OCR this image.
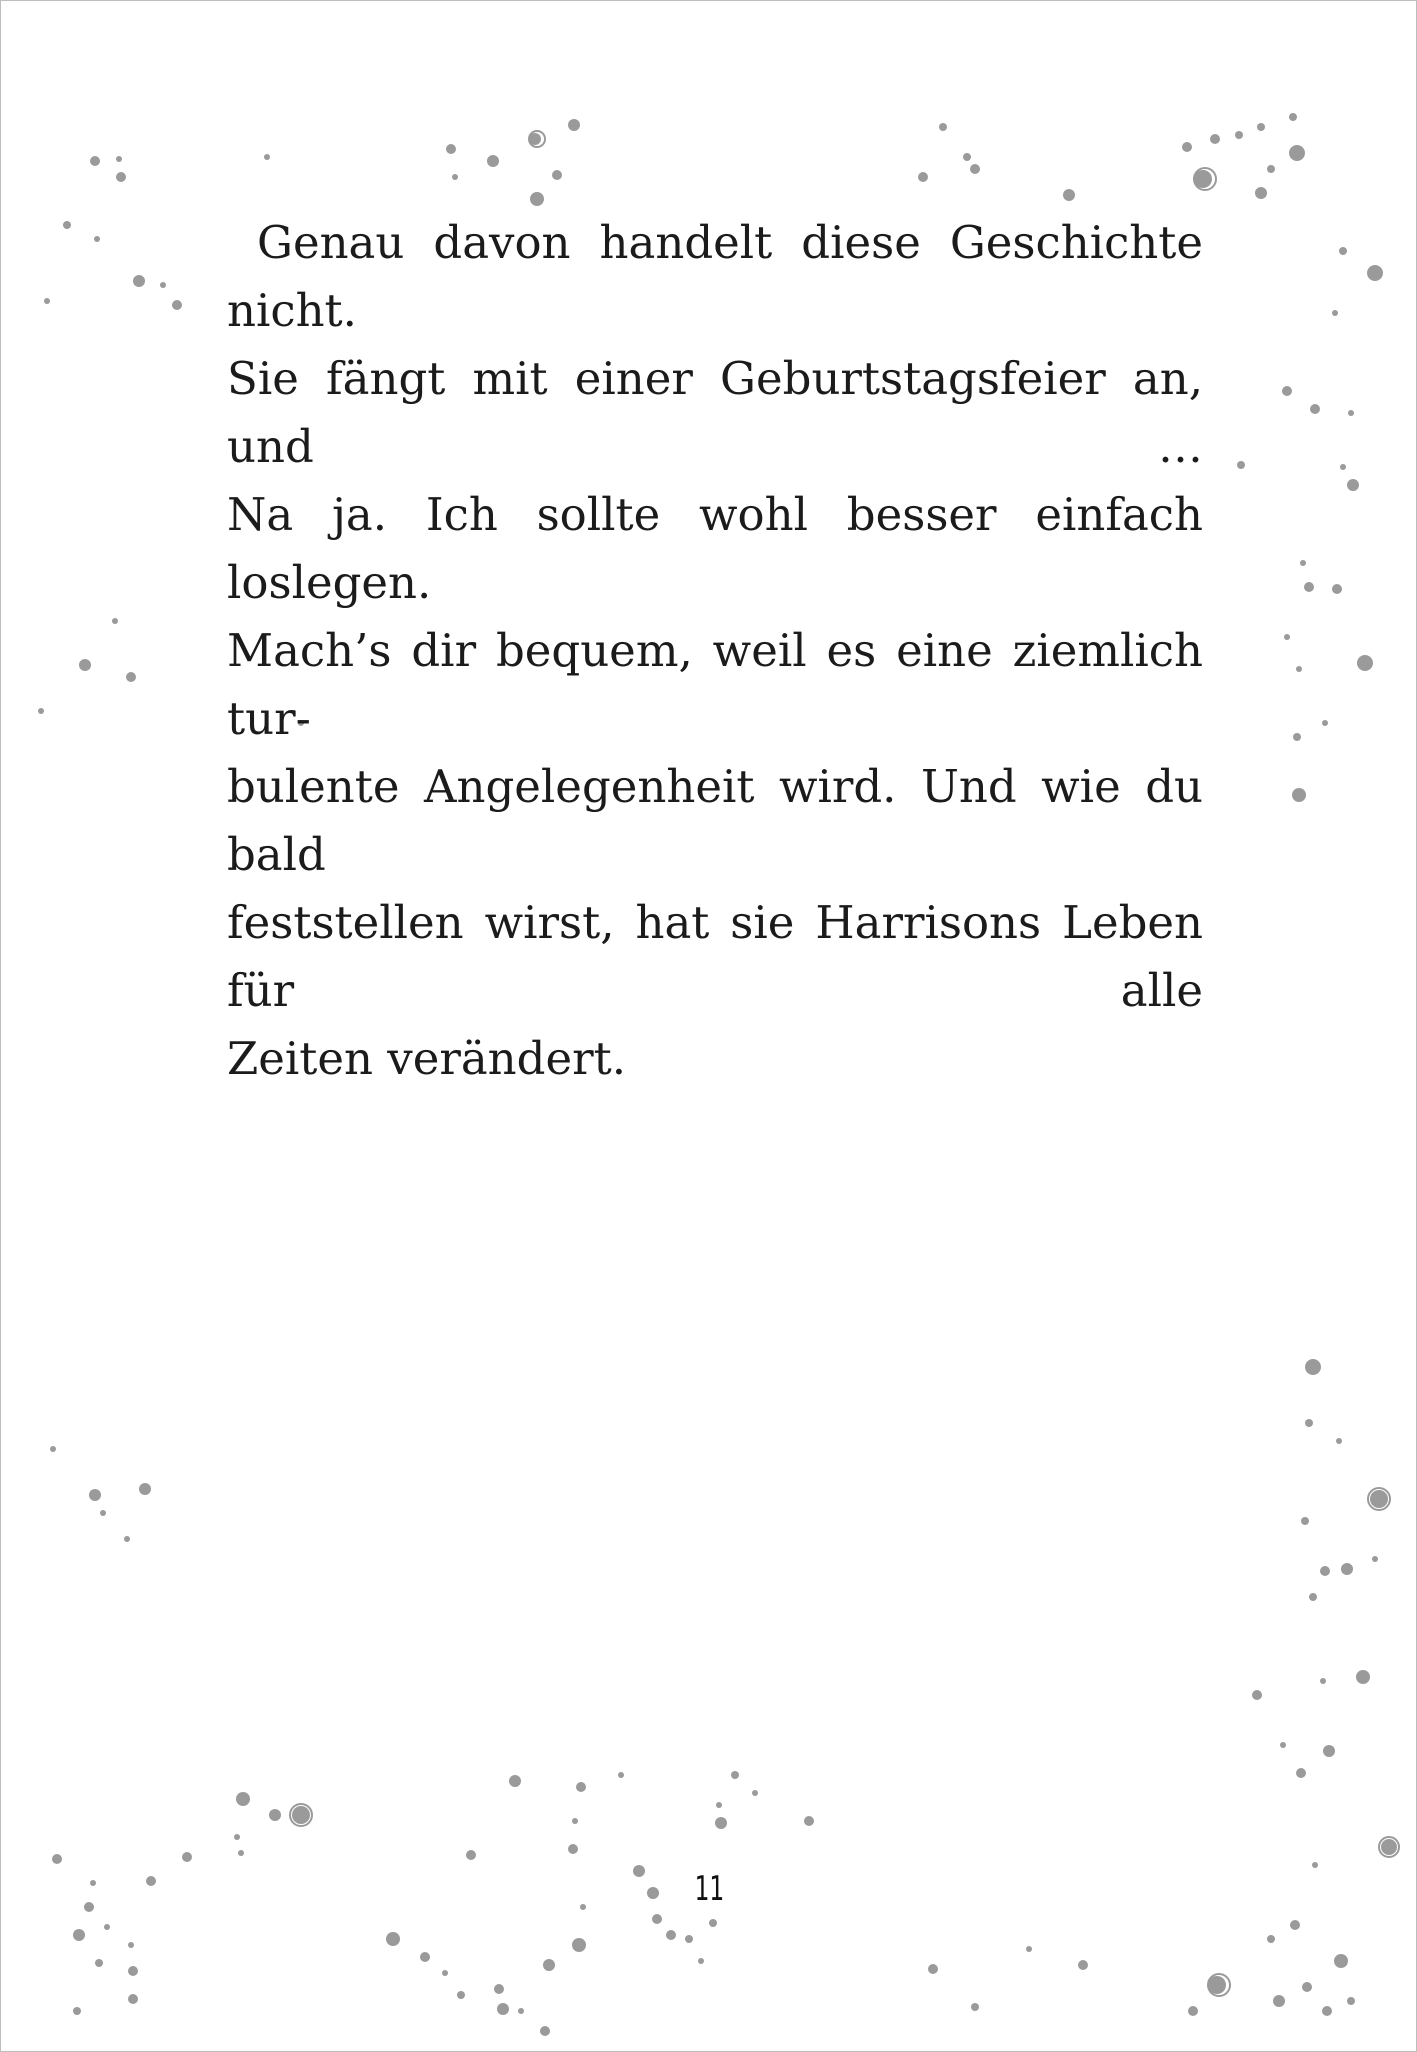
Genau davon handelt diese Geschichte nicht.
Sie fängt mit einer Geburtstagsfeier an, und …
Na ja. Ich sollte wohl besser einfach loslegen.
Mach’s dir bequem, weil es eine ziemlich tur-
bulente Angelegenheit wird. Und wie du bald
feststellen wirst, hat sie Harrisons Leben für alle
Zeiten verändert.
11
